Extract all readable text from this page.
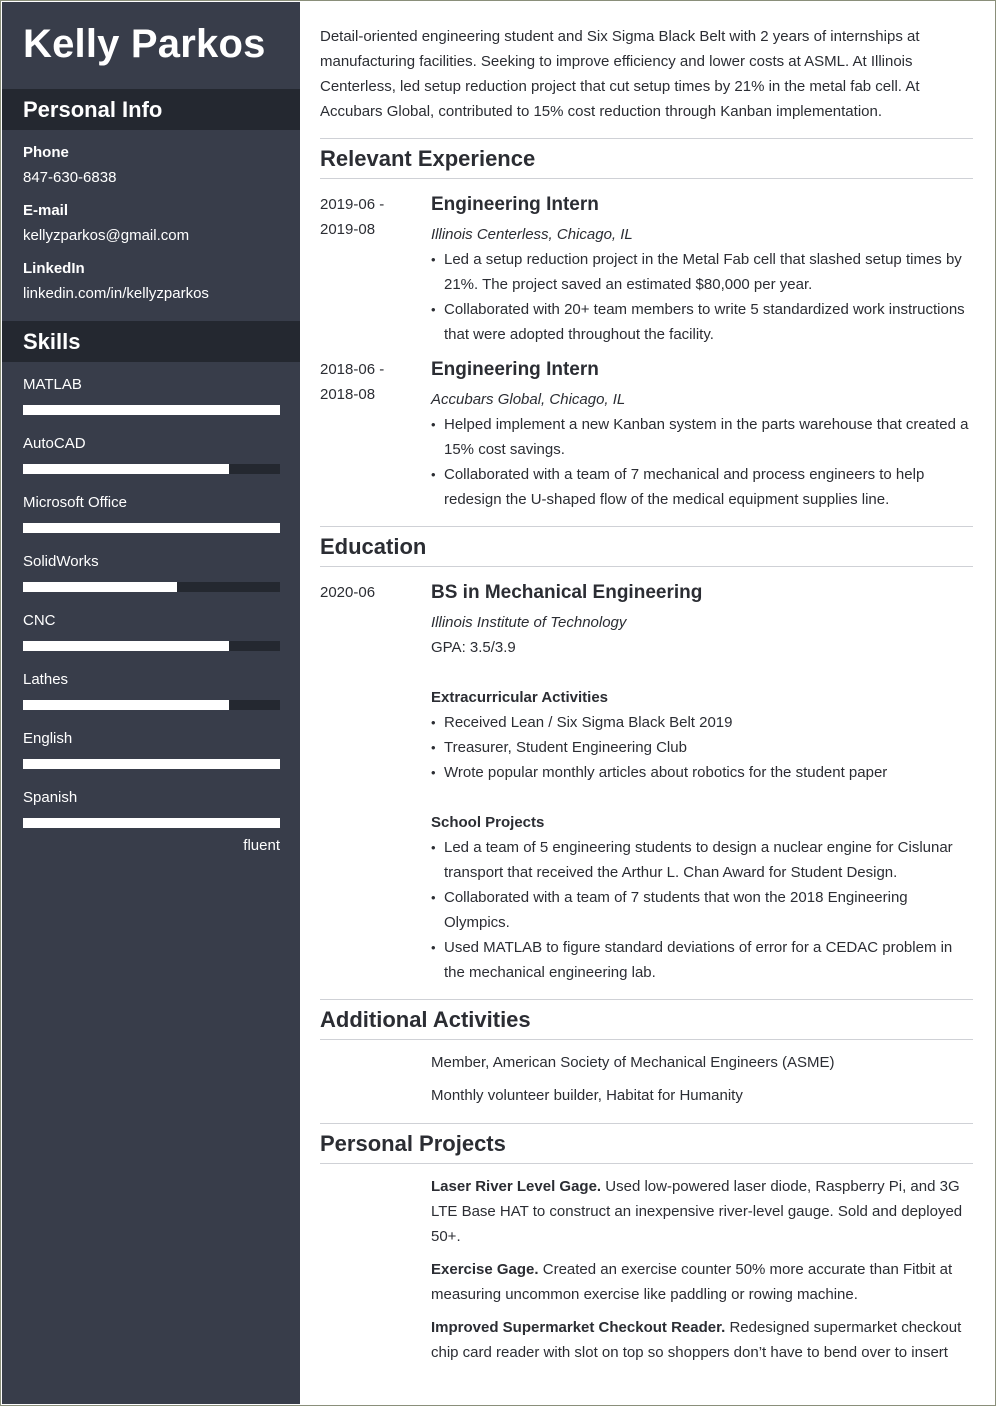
Kelly Parkos
Personal Info
Phone
847-630-6838
E-mail
kellyzparkos@gmail.com
LinkedIn
linkedin.com/in/kellyzparkos
Skills
MATLAB
AutoCAD
Microsoft Office
SolidWorks
CNC
Lathes
English
Spanish
fluent

Detail-oriented engineering student and Six Sigma Black Belt with 2 years of internships at manufacturing facilities. Seeking to improve efficiency and lower costs at ASML. At Illinois Centerless, led setup reduction project that cut setup times by 21% in the metal fab cell. At Accubars Global, contributed to 15% cost reduction through Kanban implementation.

Relevant Experience
2019-06 -
2019-08
Engineering Intern
Illinois Centerless, Chicago, IL
• Led a setup reduction project in the Metal Fab cell that slashed setup times by 21%. The project saved an estimated $80,000 per year.
• Collaborated with 20+ team members to write 5 standardized work instructions that were adopted throughout the facility.
2018-06 -
2018-08
Engineering Intern
Accubars Global, Chicago, IL
• Helped implement a new Kanban system in the parts warehouse that created a 15% cost savings.
• Collaborated with a team of 7 mechanical and process engineers to help redesign the U-shaped flow of the medical equipment supplies line.
Education
2020-06	BS in Mechanical Engineering
Illinois Institute of Technology
GPA: 3.5/3.9
Extracurricular Activities
• Received Lean / Six Sigma Black Belt 2019
• Treasurer, Student Engineering Club
• Wrote popular monthly articles about robotics for the student paper
School Projects
• Led a team of 5 engineering students to design a nuclear engine for Cislunar transport that received the Arthur L. Chan Award for Student Design.
• Collaborated with a team of 7 students that won the 2018 Engineering Olympics.
• Used MATLAB to figure standard deviations of error for a CEDAC problem in the mechanical engineering lab.
Additional Activities
Member, American Society of Mechanical Engineers (ASME)
Monthly volunteer builder, Habitat for Humanity
Personal Projects
Laser River Level Gage. Used low-powered laser diode, Raspberry Pi, and 3G LTE Base HAT to construct an inexpensive river-level gauge. Sold and deployed 50+.
Exercise Gage. Created an exercise counter 50% more accurate than Fitbit at measuring uncommon exercise like paddling or rowing machine.
Improved Supermarket Checkout Reader. Redesigned supermarket checkout chip card reader with slot on top so shoppers don’t have to bend over to insert
